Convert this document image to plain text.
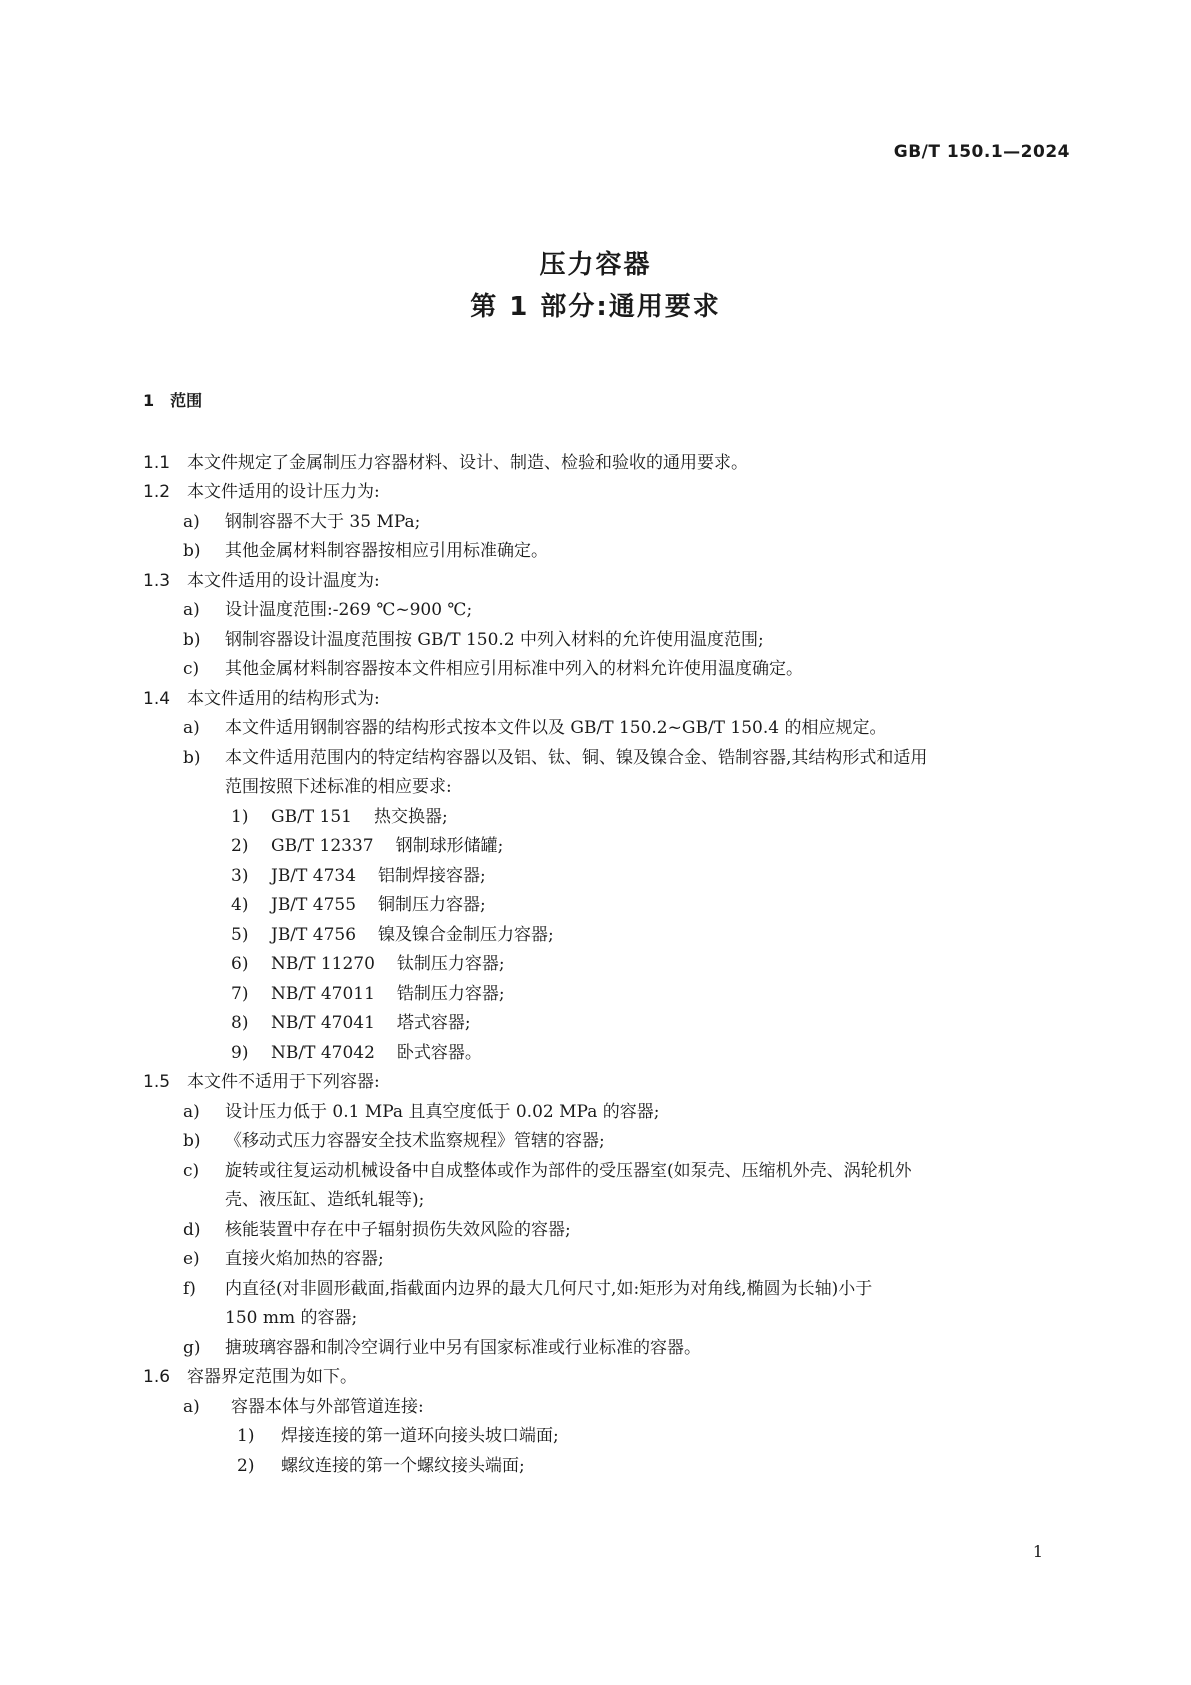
GB/T 150.1—2024
压力容器
第 1 部分:通用要求
1 范围
1.1 本文件规定了金属制压力容器材料、设计、制造、检验和验收的通用要求。
1.2 本文件适用的设计压力为:
a) 钢制容器不大于 35 MPa;
b) 其他金属材料制容器按相应引用标准确定。
1.3 本文件适用的设计温度为:
a) 设计温度范围:-269 ℃~900 ℃;
b) 钢制容器设计温度范围按 GB/T 150.2 中列入材料的允许使用温度范围;
c) 其他金属材料制容器按本文件相应引用标准中列入的材料允许使用温度确定。
1.4 本文件适用的结构形式为:
a) 本文件适用钢制容器的结构形式按本文件以及 GB/T 150.2~GB/T 150.4 的相应规定。
b) 本文件适用范围内的特定结构容器以及铝、钛、铜、镍及镍合金、锆制容器,其结构形式和适用
范围按照下述标准的相应要求:
1) GB/T 151 热交换器;
2) GB/T 12337 钢制球形储罐;
3) JB/T 4734 铝制焊接容器;
4) JB/T 4755 铜制压力容器;
5) JB/T 4756 镍及镍合金制压力容器;
6) NB/T 11270 钛制压力容器;
7) NB/T 47011 锆制压力容器;
8) NB/T 47041 塔式容器;
9) NB/T 47042 卧式容器。
1.5 本文件不适用于下列容器:
a) 设计压力低于 0.1 MPa 且真空度低于 0.02 MPa 的容器;
b) 《移动式压力容器安全技术监察规程》管辖的容器;
c) 旋转或往复运动机械设备中自成整体或作为部件的受压器室(如泵壳、压缩机外壳、涡轮机外
壳、液压缸、造纸轧辊等);
d) 核能装置中存在中子辐射损伤失效风险的容器;
e) 直接火焰加热的容器;
f) 内直径(对非圆形截面,指截面内边界的最大几何尺寸,如:矩形为对角线,椭圆为长轴)小于
150 mm 的容器;
g) 搪玻璃容器和制冷空调行业中另有国家标准或行业标准的容器。
1.6 容器界定范围为如下。
a) 容器本体与外部管道连接:
1) 焊接连接的第一道环向接头坡口端面;
2) 螺纹连接的第一个螺纹接头端面;
1
